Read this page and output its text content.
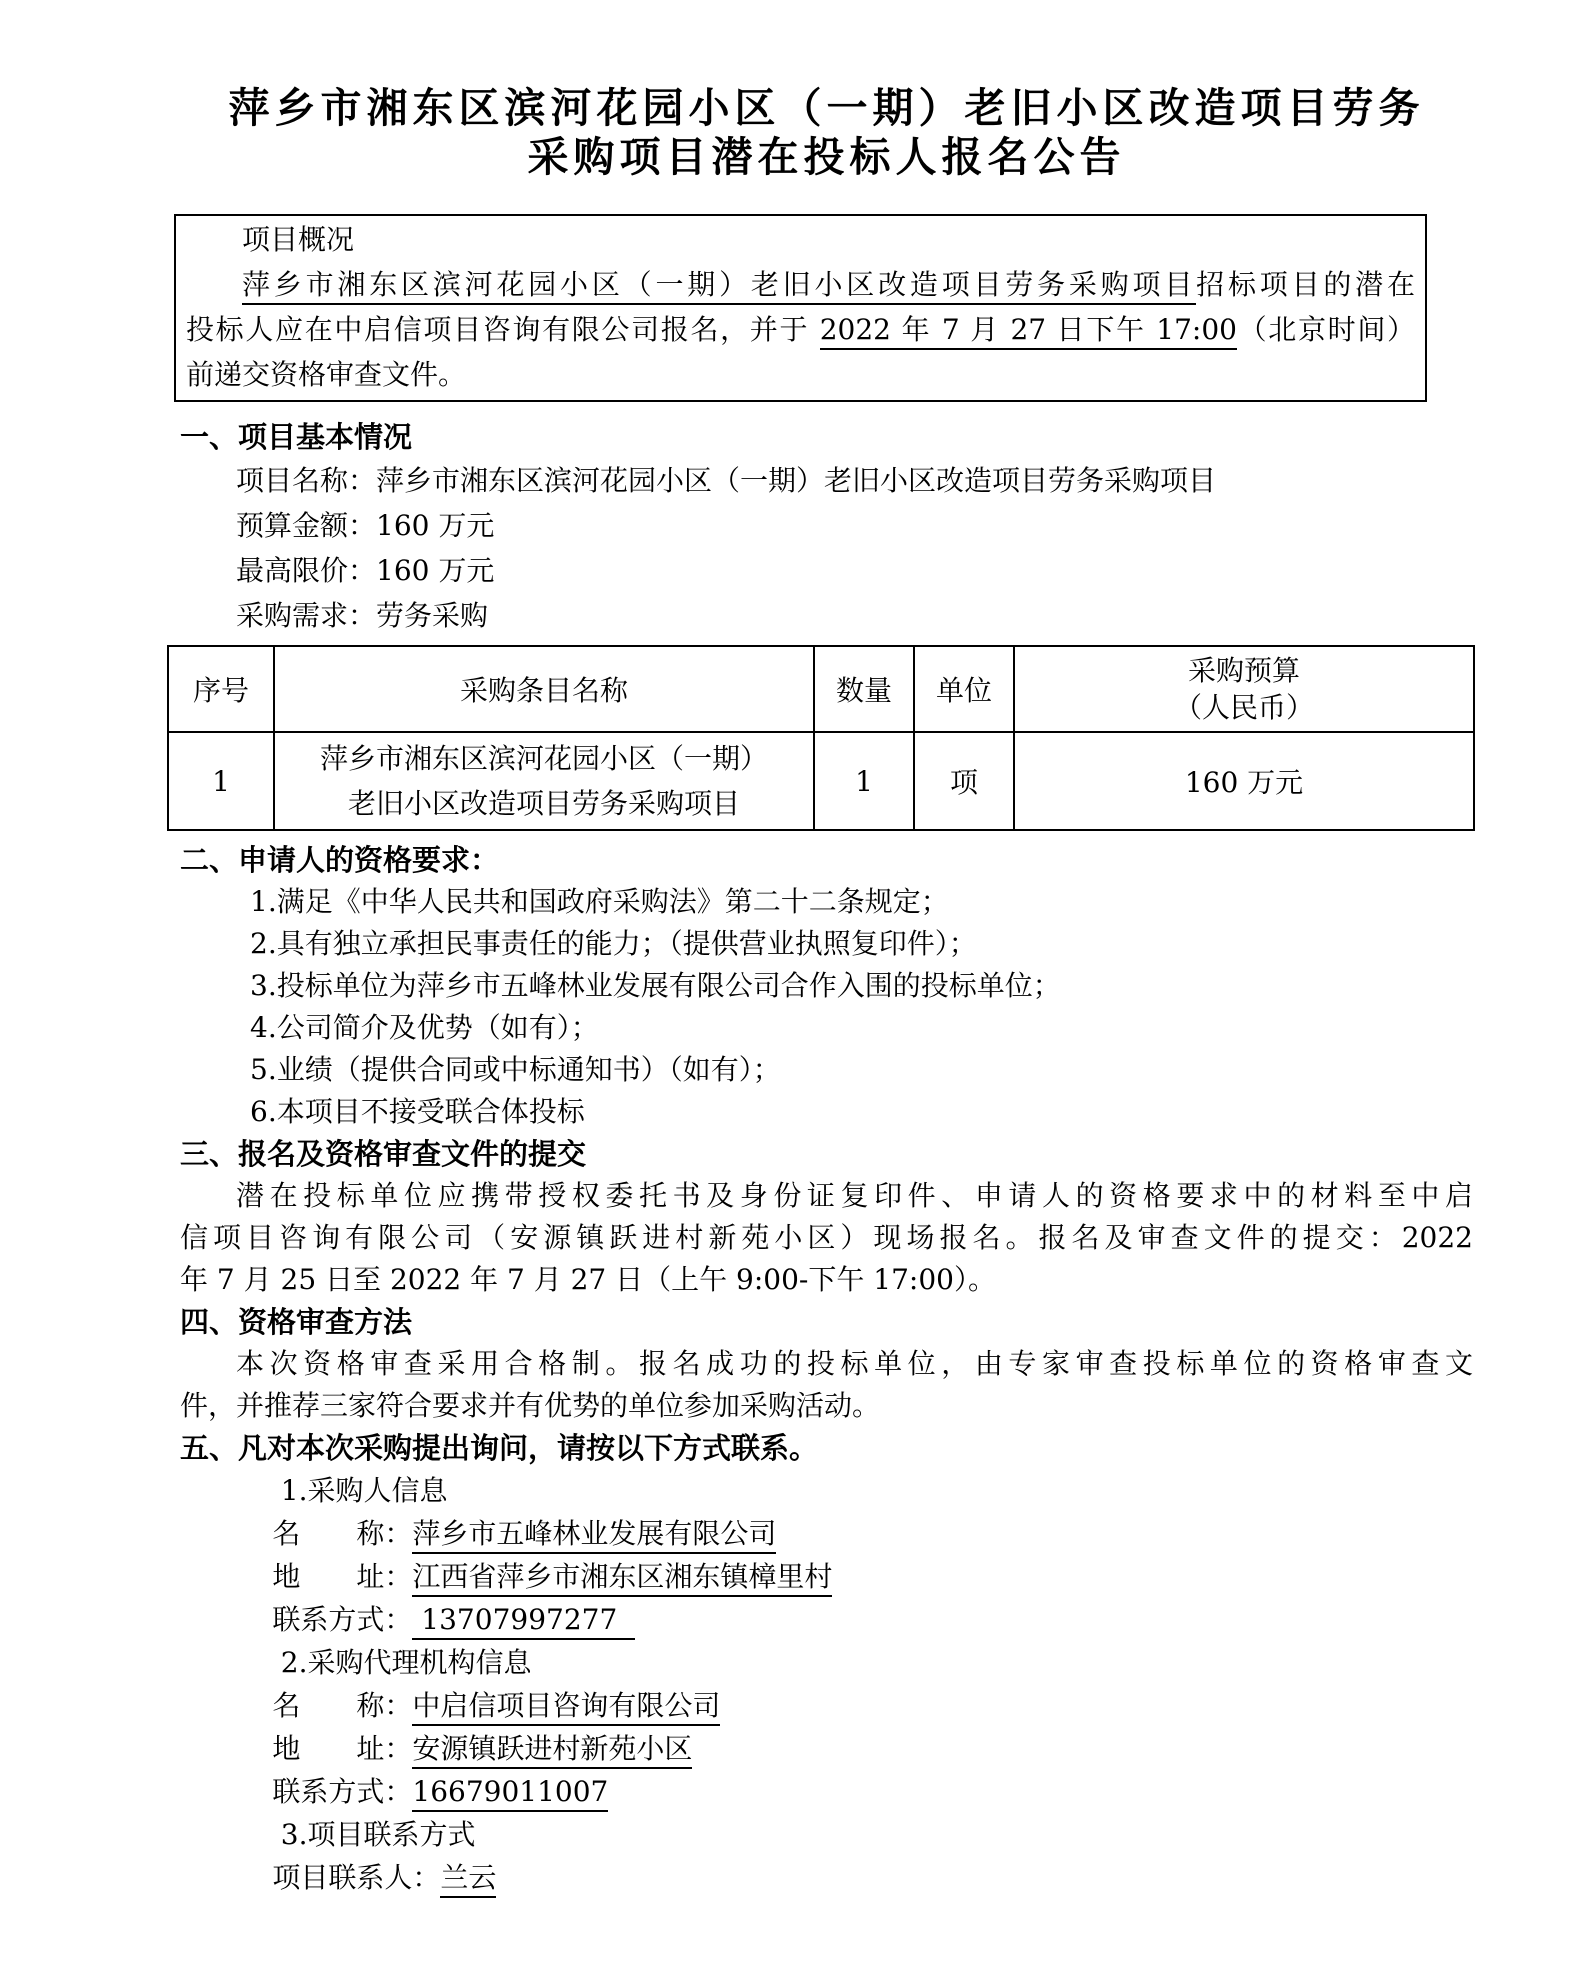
萍乡市湘东区滨河花园小区（一期）老旧小区改造项目劳务
采购项目潜在投标人报名公告
项目概况
萍乡市湘东区滨河花园小区（一期）老旧小区改造项目劳务采购项目招标项目的潜在
投标人应在中启信项目咨询有限公司报名，并于 2022 年 7 月 27 日下午 17:00（北京时间）
前递交资格审查文件。
一、项目基本情况
项目名称：萍乡市湘东区滨河花园小区（一期）老旧小区改造项目劳务采购项目
预算金额：160 万元
最高限价：160 万元
采购需求：劳务采购
序号	采购条目名称	数量	单位	采购预算
（人民币）

1	萍乡市湘东区滨河花园小区（一期）
老旧小区改造项目劳务采购项目	1	项	160 万元
二、申请人的资格要求：
1.满足《中华人民共和国政府采购法》第二十二条规定；
2.具有独立承担民事责任的能力；（提供营业执照复印件）；
3.投标单位为萍乡市五峰林业发展有限公司合作入围的投标单位；
4.公司简介及优势（如有）；
5.业绩（提供合同或中标通知书）（如有）；
6.本项目不接受联合体投标
三、报名及资格审查文件的提交
潜在投标单位应携带授权委托书及身份证复印件、申请人的资格要求中的材料至中启
信项目咨询有限公司（安源镇跃进村新苑小区）现场报名。报名及审查文件的提交：2022
年 7 月 25 日至 2022 年 7 月 27 日（上午 9:00-下午 17:00）。
四、资格审查方法
本次资格审查采用合格制。报名成功的投标单位，由专家审查投标单位的资格审查文
件，并推荐三家符合要求并有优势的单位参加采购活动。
五、凡对本次采购提出询问，请按以下方式联系。
1.采购人信息
名　　称：萍乡市五峰林业发展有限公司
地　　址：江西省萍乡市湘东区湘东镇樟里村
联系方式： 13707997277
2.采购代理机构信息
名　　称：中启信项目咨询有限公司
地　　址：安源镇跃进村新苑小区
联系方式：16679011007
3.项目联系方式
项目联系人：兰云
